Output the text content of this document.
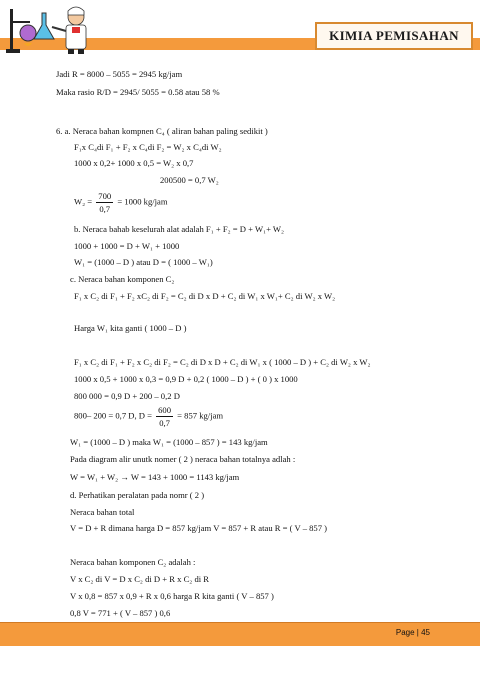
KIMIA PEMISAHAN
Jadi R = 8000 – 5055 = 2945 kg/jam
Maka rasio R/D = 2945/ 5055 = 0.58 atau 58 %
6. a. Neraca bahan kompnen C₄ ( aliran bahan paling sedikit )
F₁x C₄di F₁ + F₂ x C₄di F₂ = W₂ x C₄di W₂
1000 x 0,2+ 1000 x 0,5 = W₂ x 0,7
200500 = 0,7 W₂
$W_2 = \frac{700}{0,7} = 1000$ kg/jam
b. Neraca bahab keselurah alat adalah F₁ + F₂ = D + W₁+ W₂
1000 + 1000 = D + W₁ + 1000
W₁ = (1000 – D ) atau D = ( 1000 – W₁)
c. Neraca bahan komponen C₂
F₁ x C₂ di F₁ + F₂ xC₂ di F₂ = C₂ di D x D + C₂ di W₁ x W₁+ C₂ di W₂ x W₂
Harga W₁ kita ganti ( 1000 – D )
F₁ x C₂ di F₁ + F₂ x C₂ di F₂ = C₂ di D x D + C₂ di W₁ x ( 1000 – D ) + C₂ di W₂ x W₂
1000 x 0,5 + 1000 x 0,3 = 0,9 D + 0,2 ( 1000 – D ) + ( 0 ) x 1000
800 000 = 0,9 D + 200 – 0,2 D
800– 200 = 0,7 D, $D = \frac{600}{0,7} = 857$ kg/jam
W₁ = (1000 – D ) maka W₁ = (1000 – 857 ) = 143 kg/jam
Pada diagram alir unutk nomer ( 2 ) neraca bahan totalnya adlah :
W = W₁ + W₂ → W = 143 + 1000 = 1143 kg/jam
d. Perhatikan peralatan pada nomr ( 2 )
Neraca bahan total
V = D + R dimana harga D = 857 kg/jam V = 857 + R atau R = ( V – 857 )
Neraca bahan komponen C₂ adalah :
V x C₂ di V = D x C₂ di D + R x C₂ di R
V x 0,8 = 857 x 0,9 + R x 0,6 harga R kita ganti ( V – 857 )
0,8 V = 771 + ( V – 857 ) 0,6
Page | 45
